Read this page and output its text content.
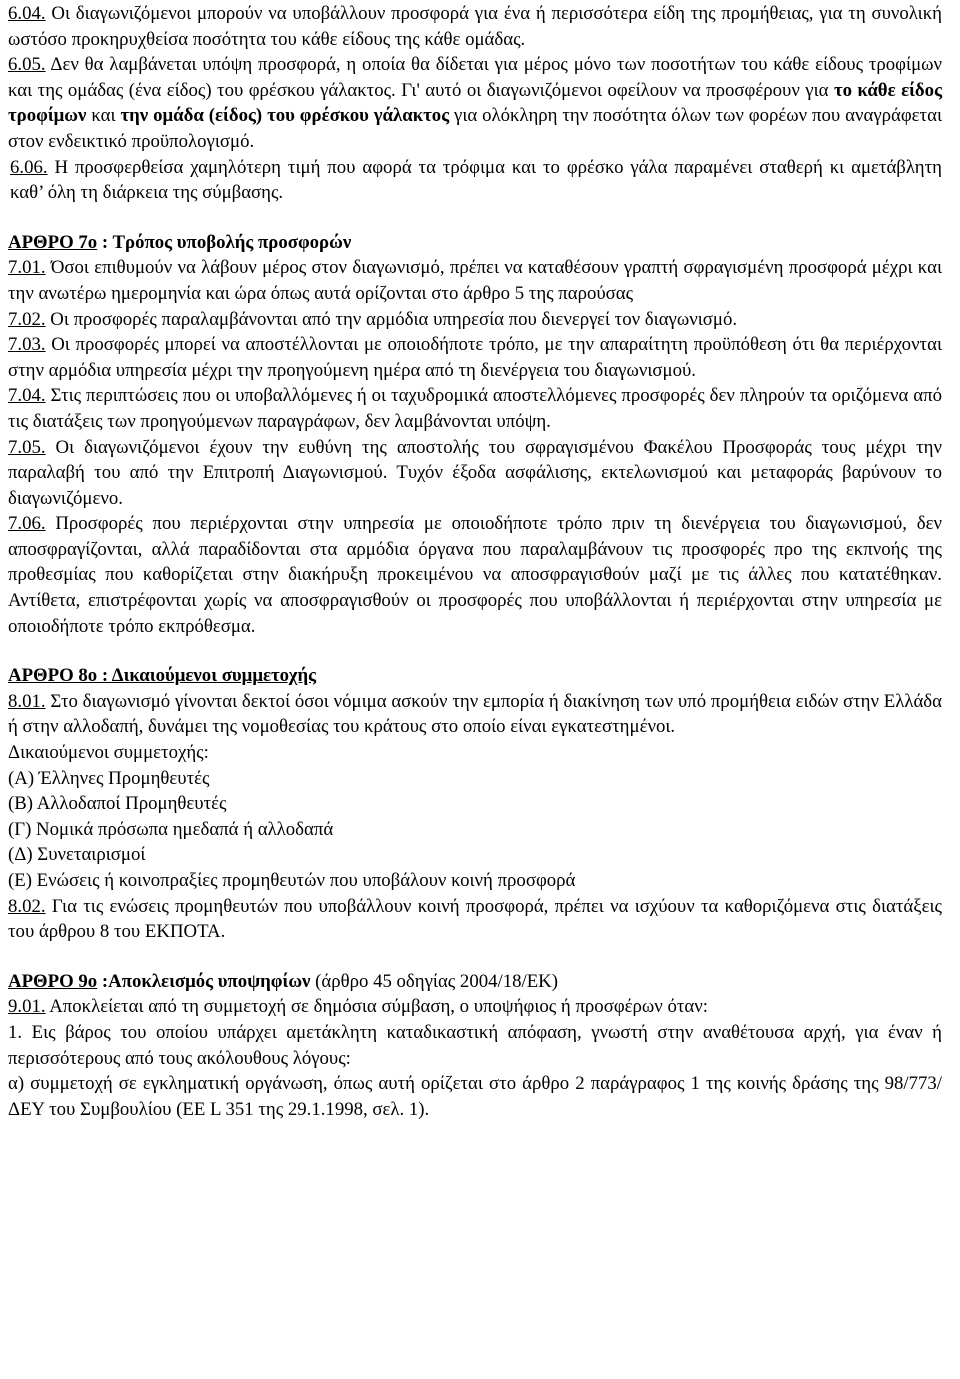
6.04. Οι διαγωνιζόμενοι μπορούν να υποβάλλουν προσφορά για ένα ή περισσότερα είδη της προμήθειας, για τη συνολική ωστόσο προκηρυχθείσα ποσότητα του κάθε είδους της κάθε ομάδας.

6.05. Δεν θα λαμβάνεται υπόψη προσφορά, η οποία θα δίδεται για μέρος μόνο των ποσοτήτων του κάθε είδους τροφίμων και της ομάδας (ένα είδος) του φρέσκου γάλακτος. Γι' αυτό οι διαγωνιζόμενοι οφείλουν να προσφέρουν για το κάθε είδος τροφίμων και την ομάδα (είδος) του φρέσκου γάλακτος για ολόκληρη την ποσότητα όλων των φορέων που αναγράφεται στον ενδεικτικό προϋπολογισμό.

6.06. Η προσφερθείσα χαμηλότερη τιμή που αφορά τα τρόφιμα και το φρέσκο γάλα παραμένει σταθερή κι αμετάβλητη καθ’ όλη τη διάρκεια της σύμβασης.

ΑΡΘΡΟ 7ο : Τρόπος υποβολής προσφορών

7.01. Όσοι επιθυμούν να λάβουν μέρος στον διαγωνισμό, πρέπει να καταθέσουν γραπτή σφραγισμένη προσφορά μέχρι και την ανωτέρω ημερομηνία και ώρα όπως αυτά ορίζονται στο άρθρο 5 της παρούσας

7.02. Οι προσφορές παραλαμβάνονται από την αρμόδια υπηρεσία που διενεργεί τον διαγωνισμό.

7.03. Οι προσφορές μπορεί να αποστέλλονται με οποιοδήποτε τρόπο, με την απαραίτητη προϋπόθεση ότι θα περιέρχονται στην αρμόδια υπηρεσία μέχρι την προηγούμενη ημέρα από τη διενέργεια του διαγωνισμού.

7.04. Στις περιπτώσεις που οι υποβαλλόμενες ή οι ταχυδρομικά αποστελλόμενες προσφορές δεν πληρούν τα οριζόμενα από τις διατάξεις των προηγούμενων παραγράφων, δεν λαμβάνονται υπόψη.

7.05. Οι διαγωνιζόμενοι έχουν την ευθύνη της αποστολής του σφραγισμένου Φακέλου Προσφοράς τους μέχρι την παραλαβή του από την Επιτροπή Διαγωνισμού. Τυχόν έξοδα ασφάλισης, εκτελωνισμού και μεταφοράς βαρύνουν το διαγωνιζόμενο.

7.06. Προσφορές που περιέρχονται στην υπηρεσία με οποιοδήποτε τρόπο πριν τη διενέργεια του διαγωνισμού, δεν αποσφραγίζονται, αλλά παραδίδονται στα αρμόδια όργανα που παραλαμβάνουν τις προσφορές προ της εκπνοής της προθεσμίας που καθορίζεται στην διακήρυξη προκειμένου να αποσφραγισθούν μαζί με τις άλλες που κατατέθηκαν. Αντίθετα, επιστρέφονται χωρίς να αποσφραγισθούν οι προσφορές που υποβάλλονται ή περιέρχονται στην υπηρεσία με οποιοδήποτε τρόπο εκπρόθεσμα.

ΑΡΘΡΟ 8ο : Δικαιούμενοι συμμετοχής

8.01. Στο διαγωνισμό γίνονται δεκτοί όσοι νόμιμα ασκούν την εμπορία ή διακίνηση των υπό προμήθεια ειδών στην Ελλάδα ή στην αλλοδαπή, δυνάμει της νομοθεσίας του κράτους στο οποίο είναι εγκατεστημένοι.

Δικαιούμενοι συμμετοχής:

(Α) Έλληνες Προμηθευτές

(Β) Αλλοδαποί Προμηθευτές

(Γ) Νομικά πρόσωπα ημεδαπά ή αλλοδαπά

(Δ) Συνεταιρισμοί

(Ε) Ενώσεις ή κοινοπραξίες προμηθευτών που υποβάλουν κοινή προσφορά

8.02. Για τις ενώσεις προμηθευτών που υποβάλλουν κοινή προσφορά, πρέπει να ισχύουν τα καθοριζόμενα στις διατάξεις του άρθρου 8 του ΕΚΠΟΤΑ.

ΑΡΘΡΟ 9ο :Αποκλεισμός υποψηφίων (άρθρο 45 οδηγίας 2004/18/ΕΚ)

9.01. Αποκλείεται από τη συμμετοχή σε δημόσια σύμβαση, ο υποψήφιος ή προσφέρων όταν:

1. Εις βάρος του οποίου υπάρχει αμετάκλητη καταδικαστική απόφαση, γνωστή στην αναθέτουσα αρχή, για έναν ή περισσότερους από τους ακόλουθους λόγους:

α) συμμετοχή σε εγκληματική οργάνωση, όπως αυτή ορίζεται στο άρθρο 2 παράγραφος 1 της κοινής δράσης της 98/773/ΔΕΥ του Συμβουλίου (ΕΕ L 351 της 29.1.1998, σελ. 1).
